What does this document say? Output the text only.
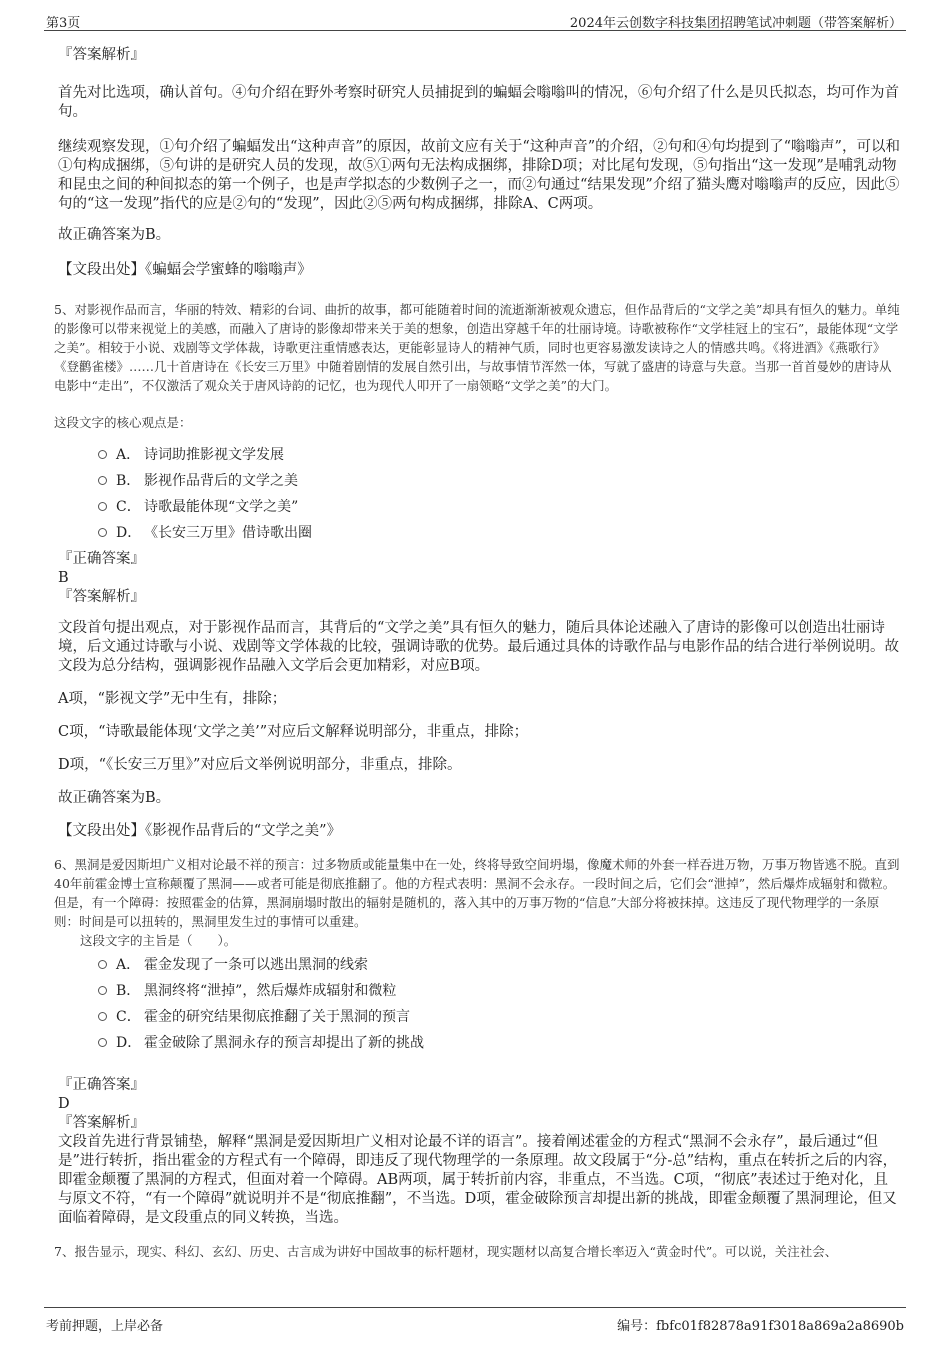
第3页	2024年云创数字科技集团招聘笔试冲刺题（带答案解析）

『答案解析』

首先对比选项，确认首句。④句介绍在野外考察时研究人员捕捉到的蝙蝠会嗡嗡叫的情况，⑥句介绍了什么是贝氏拟态，均可作为首句。

继续观察发现，①句介绍了蝙蝠发出“这种声音”的原因，故前文应有关于“这种声音”的介绍，②句和④句均提到了“嗡嗡声”，可以和①句构成捆绑，⑤句讲的是研究人员的发现，故⑤①两句无法构成捆绑，排除D项；对比尾句发现，⑤句指出“这一发现”是哺乳动物和昆虫之间的种间拟态的第一个例子，也是声学拟态的少数例子之一，而②句通过“结果发现”介绍了猫头鹰对嗡嗡声的反应，因此⑤句的“这一发现”指代的应是②句的“发现”，因此②⑤两句构成捆绑，排除A、C两项。

故正确答案为B。

【文段出处】《蝙蝠会学蜜蜂的嗡嗡声》

5、对影视作品而言，华丽的特效、精彩的台词、曲折的故事，都可能随着时间的流逝渐渐被观众遗忘，但作品背后的“文学之美”却具有恒久的魅力。单纯的影像可以带来视觉上的美感，而融入了唐诗的影像却带来关于美的想象，创造出穿越千年的壮丽诗境。诗歌被称作“文学桂冠上的宝石”，最能体现“文学之美”。相较于小说、戏剧等文学体裁，诗歌更注重情感表达，更能彰显诗人的精神气质，同时也更容易激发读诗之人的情感共鸣。《将进酒》《燕歌行》《登鹳雀楼》……几十首唐诗在《长安三万里》中随着剧情的发展自然引出，与故事情节浑然一体，写就了盛唐的诗意与失意。当那一首首曼妙的唐诗从电影中“走出”，不仅激活了观众关于唐风诗韵的记忆，也为现代人叩开了一扇领略“文学之美”的大门。

这段文字的核心观点是：

A． 诗词助推影视文学发展
B． 影视作品背后的文学之美
C． 诗歌最能体现“文学之美”
D． 《长安三万里》借诗歌出圈

『正确答案』

B

『答案解析』

文段首句提出观点，对于影视作品而言，其背后的“文学之美”具有恒久的魅力，随后具体论述融入了唐诗的影像可以创造出壮丽诗境，后文通过诗歌与小说、戏剧等文学体裁的比较，强调诗歌的优势。最后通过具体的诗歌作品与电影作品的结合进行举例说明。故文段为总分结构，强调影视作品融入文学后会更加精彩，对应B项。

A项，“影视文学”无中生有，排除；

C项，“诗歌最能体现‘文学之美’”对应后文解释说明部分，非重点，排除；

D项，“《长安三万里》”对应后文举例说明部分，非重点，排除。

故正确答案为B。

【文段出处】《影视作品背后的“文学之美”》

6、黑洞是爱因斯坦广义相对论最不祥的预言：过多物质或能量集中在一处，终将导致空间坍塌，像魔术师的外套一样吞进万物，万事万物皆逃不脱。直到40年前霍金博士宣称颠覆了黑洞——或者可能是彻底推翻了。他的方程式表明：黑洞不会永存。一段时间之后，它们会“泄掉”，然后爆炸成辐射和微粒。但是，有一个障碍：按照霍金的估算，黑洞崩塌时散出的辐射是随机的，落入其中的万事万物的“信息”大部分将被抹掉。这违反了现代物理学的一条原则：时间是可以扭转的，黑洞里发生过的事情可以重建。

这段文字的主旨是（　　）。

A． 霍金发现了一条可以逃出黑洞的线索
B． 黑洞终将“泄掉”，然后爆炸成辐射和微粒
C． 霍金的研究结果彻底推翻了关于黑洞的预言
D． 霍金破除了黑洞永存的预言却提出了新的挑战

『正确答案』

D

『答案解析』

文段首先进行背景铺垫，解释“黑洞是爱因斯坦广义相对论最不详的语言”。接着阐述霍金的方程式“黑洞不会永存”，最后通过“但是”进行转折，指出霍金的方程式有一个障碍，即违反了现代物理学的一条原理。故文段属于“分-总”结构，重点在转折之后的内容，即霍金颠覆了黑洞的方程式，但面对着一个障碍。AB两项，属于转折前内容，非重点，不当选。C项，“彻底”表述过于绝对化，且与原文不符，“有一个障碍”就说明并不是“彻底推翻”，不当选。D项，霍金破除预言却提出新的挑战，即霍金颠覆了黑洞理论，但又面临着障碍，是文段重点的同义转换，当选。

7、报告显示，现实、科幻、玄幻、历史、古言成为讲好中国故事的标杆题材，现实题材以高复合增长率迈入“黄金时代”。可以说，关注社会、

考前押题，上岸必备	编号：fbfc01f82878a91f3018a869a2a8690b
